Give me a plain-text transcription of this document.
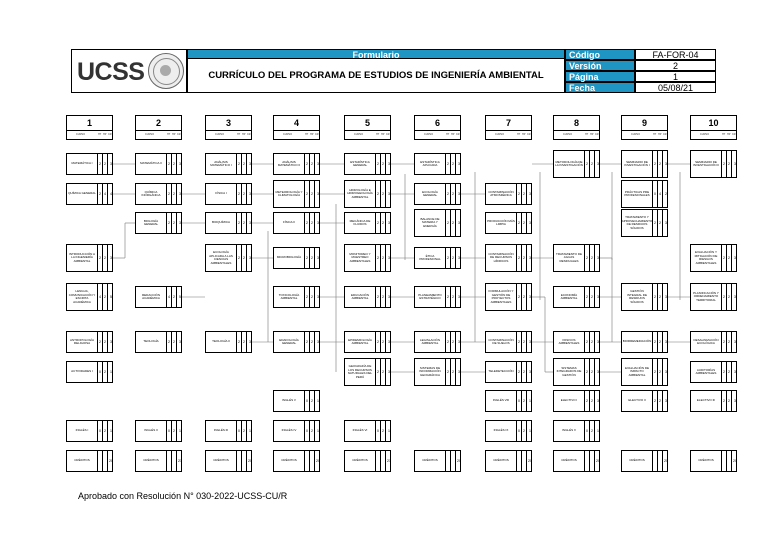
UCSS
Formulario
CURRÍCULO DEL PROGRAMA DE ESTUDIOS DE INGENIERÍA AMBIENTAL
Código	FA-FOR-04
Versión	2
Página	1
Fecha	05/08/21
1
CURSO	HT HP CR
2
CURSO	HT HP CR
3
CURSO	HT HP CR
4
CURSO	HT HP CR
5
CURSO	HT HP CR
6
CURSO	HT HP CR
7
CURSO	HT HP CR
8
CURSO	HT HP CR
9
CURSO	HT HP CR
10
CURSO	HT HP CR
MATEMÁTICA I	2 2	3
QUÍMICA GENERAL 2 4	4
INTRODUCCIÓN A LA INGENIERÍA AMBIENTAL
2 2	3
LENGUA, COMUNICACIÓN Y ESCRITA ACADÉMICA
4 2	5
ANTROPOLOGÍA RELIGIOSA	2 2	3
ACTIVIDADES I	0 2	1
INGLÉS I	0 2	1
CRÉDITOS	20
MATEMÁTICA II	2 2	3
QUÍMICA INORGÁNICA	2 2	3
BIOLOGÍA GENERAL	2 2	3
REDACCIÓN ACADÉMICA	4 2	5
TEOLOGÍA	2 2	3
INGLÉS II	0 2	1
CRÉDITOS	21
ANÁLISIS MATEMÁTICO I	2 2	3
FÍSICA I	2 2	3
BIOQUÍMICA	2 2	3
ECOLOGÍA APLICADA A LAS CIENCIAS AMBIENTALES
2 2	3
TEOLOGÍA II	2 2	3
INGLÉS III	0 2	1
CRÉDITOS	20
ANÁLISIS MATEMÁTICO II	2 2	3
METEOROLOGÍA Y CLIMATOLOGÍA	2 2	3
FÍSICA II	2 2	3
MICROBIOLOGÍA	2 2	3
TOXICOLOGÍA AMBIENTAL	2 2	3
EDAFOLOGÍA GENERAL	2 2	3
INGLÉS V	0 2	1
INGLÉS IV	0 2	1
CRÉDITOS	20
ESTADÍSTICA GENERAL	2 2	3
HIDROLOGÍA E HIDROGEOLOGÍA AMBIENTAL
2 2	3
MECÁNICA DE FLUIDOS	2 2	3
MONITOREO Y MUESTREO AMBIENTALES
2 2	3
EDUCACIÓN AMBIENTAL	2 2	3
EPIDEMIOLOGÍA AMBIENTAL	2 2	3
GEOGRAFÍA DE LOS RECURSOS NATURALES DEL PERÚ
2 2	3
INGLÉS VI	0 2	1
CRÉDITOS	21
ESTADÍSTICA APLICADA	2 2	3
ECOLOGÍA GENERAL	2 2	3
BALANCE DE MATERIA Y ENERGÍA
2 2	3
ÉTICA PROFESIONAL	2 2	3
PLANEAMIENTO ESTRATÉGICO	2 2	3
LEGISLACIÓN AMBIENTAL	2 2	3
SISTEMAS DE INFORMACIÓN GEOGRÁFICA
2 2	3
CRÉDITOS	20
CONTAMINACIÓN ATMOSFÉRICA	2 2	3
PRODUCCIÓN MÁS LIMPIA	2 2	3
CONTAMINACIÓN DE RECURSOS HÍDRICOS
2 2	3
FORMULACIÓN Y GESTIÓN DE PROYECTOS AMBIENTALES
2 2	3
CONTAMINACIÓN DE SUELOS	2 2	3
TELEDETECCIÓN	2 2	3
INGLÉS VIII	0 2	1
INGLÉS IX	0 2	1
CRÉDITOS	20
METODOLOGÍA DE LA INVESTIGACIÓN 2 2	3
TRATAMIENTO DE AGUAS RESIDUALES
2 2	3
ECONOMÍA AMBIENTAL	2 2	3
PASIVOS AMBIENTALES	2 2	3
SISTEMAS INTEGRADOS DE GESTIÓN
2 2	3
ELECTIVO I	2 2	3
INGLÉS X	0 2	1
CRÉDITOS	20
SEMINARIO DE INVESTIGACIÓN I	2 2	3
PRÁCTICAS PRE PROFESIONALES	0 4	2
TRATAMIENTO Y APROVECHAMIENTO DE RESIDUOS SÓLIDOS
2 2	3
GESTIÓN INTEGRAL DE RESIDUOS SÓLIDOS
2 2	3
BIORREMEDIACIÓN 2 2	3
EVALUACIÓN DE IMPACTO AMBIENTAL
2 2	3
ELECTIVO II	2 2	3
CRÉDITOS	20
SEMINARIO DE INVESTIGACIÓN II	2 2	3
EVALUACIÓN Y MITIGACIÓN DE RIESGOS AMBIENTALES
2 2	3
PLANIFICACIÓN Y ORDENAMIENTO TERRITORIAL
2 2	3
DESALINIZACIÓN ECOLÓGICA	2 2	3
AUDITORÍAS AMBIENTALES	2 2	3
ELECTIVO III	2 2	3
CRÉDITOS	20
Aprobado con Resolución N° 030-2022-UCSS-CU/R
